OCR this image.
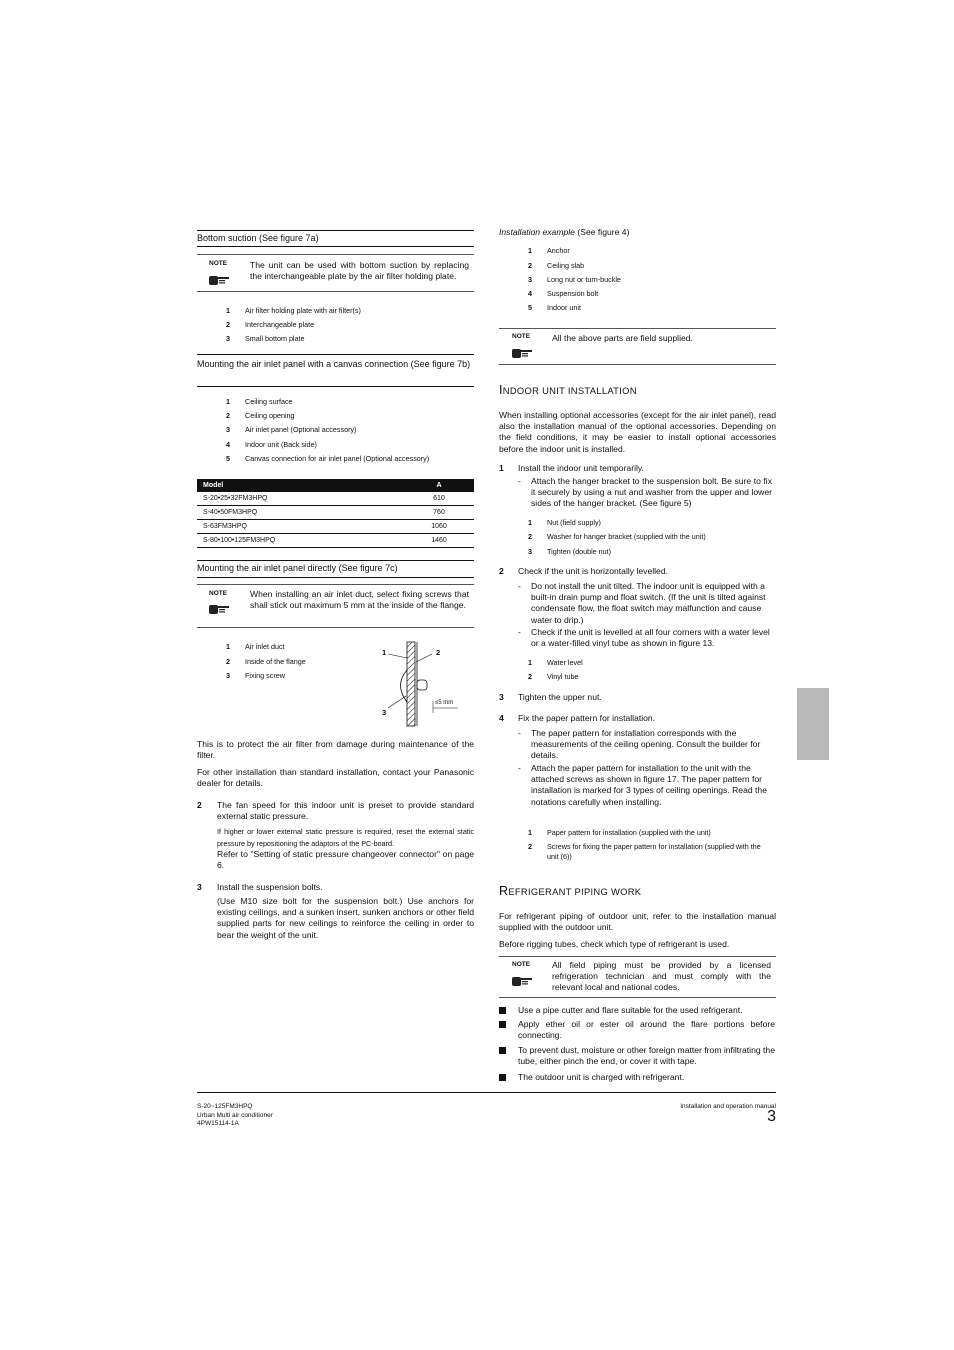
Bottom suction (See figure 7a)
NOTE	The unit can be used with bottom suction by replacing the interchangeable plate by the air filter holding plate.
1 Air filter holding plate with air filter(s)
2 Interchangeable plate
3 Small bottom plate
Mounting the air inlet panel with a canvas connection (See figure 7b)
1 Ceiling surface
2 Ceiling opening
3 Air inlet panel (Optional accessory)
4 Indoor unit (Back side)
5 Canvas connection for air inlet panel (Optional accessory)
Model	A
S-20•25•32FM3HPQ	610
S-40•50FM3HPQ	760
S-63FM3HPQ	1060
S-80•100•125FM3HPQ	1460
Mounting the air inlet panel directly (See figure 7c)
NOTE	When installing an air inlet duct, select fixing screws that shall stick out maximum 5 mm at the inside of the flange.
1 Air inlet duct
2 Inside of the flange
3 Fixing screw
1	2
3
≤5 mm
This is to protect the air filter from damage during maintenance of the filter.
For other installation than standard installation, contact your Panasonic dealer for details.
2 The fan speed for this indoor unit is preset to provide standard external static pressure.
If higher or lower external static pressure is required, reset the external static pressure by repositioning the adaptors of the PC-board.
Refer to "Setting of static pressure changeover connector" on page 6.
3 Install the suspension bolts.
(Use M10 size bolt for the suspension bolt.) Use anchors for existing ceilings, and a sunken insert, sunken anchors or other field supplied parts for new ceilings to reinforce the ceiling in order to bear the weight of the unit.
Installation example (See figure 4)
1 Anchor
2 Ceiling slab
3 Long nut or turn-buckle
4 Suspension bolt
5 Indoor unit
NOTE	All the above parts are field supplied.
INDOOR UNIT INSTALLATION
When installing optional accessories (except for the air inlet panel), read also the installation manual of the optional accessories. Depending on the field conditions, it may be easier to install optional accessories before the indoor unit is installed.
1 Install the indoor unit temporarily.
- Attach the hanger bracket to the suspension bolt. Be sure to fix it securely by using a nut and washer from the upper and lower sides of the hanger bracket. (See figure 5)
1 Nut (field supply)
2 Washer for hanger bracket (supplied with the unit)
3 Tighten (double nut)
2 Check if the unit is horizontally levelled.
- Do not install the unit tilted. The indoor unit is equipped with a built-in drain pump and float switch. (If the unit is tilted against condensate flow, the float switch may malfunction and cause water to drip.)
- Check if the unit is levelled at all four corners with a water level or a water-filled vinyl tube as shown in figure 13.
1 Water level
2 Vinyl tube
3 Tighten the upper nut.
4 Fix the paper pattern for installation.
- The paper pattern for installation corresponds with the measurements of the ceiling opening. Consult the builder for details.
- Attach the paper pattern for installation to the unit with the attached screws as shown in figure 17. The paper pattern for installation is marked for 3 types of ceiling openings. Read the notations carefully when installing.
1 Paper pattern for installation (supplied with the unit)
2 Screws for fixing the paper pattern for installation (supplied with the unit (6))
REFRIGERANT PIPING WORK
For refrigerant piping of outdoor unit, refer to the installation manual supplied with the outdoor unit.
Before rigging tubes, check which type of refrigerant is used.
NOTE	All field piping must be provided by a licensed refrigeration technician and must comply with the relevant local and national codes.
Use a pipe cutter and flare suitable for the used refrigerant.
Apply ether oil or ester oil around the flare portions before connecting.
To prevent dust, moisture or other foreign matter from infiltrating the tube, either pinch the end, or cover it with tape.
The outdoor unit is charged with refrigerant.
S-20~125FM3HPQ
Urban Multi air conditioner
4PW15114-1A
Installation and operation manual
3
